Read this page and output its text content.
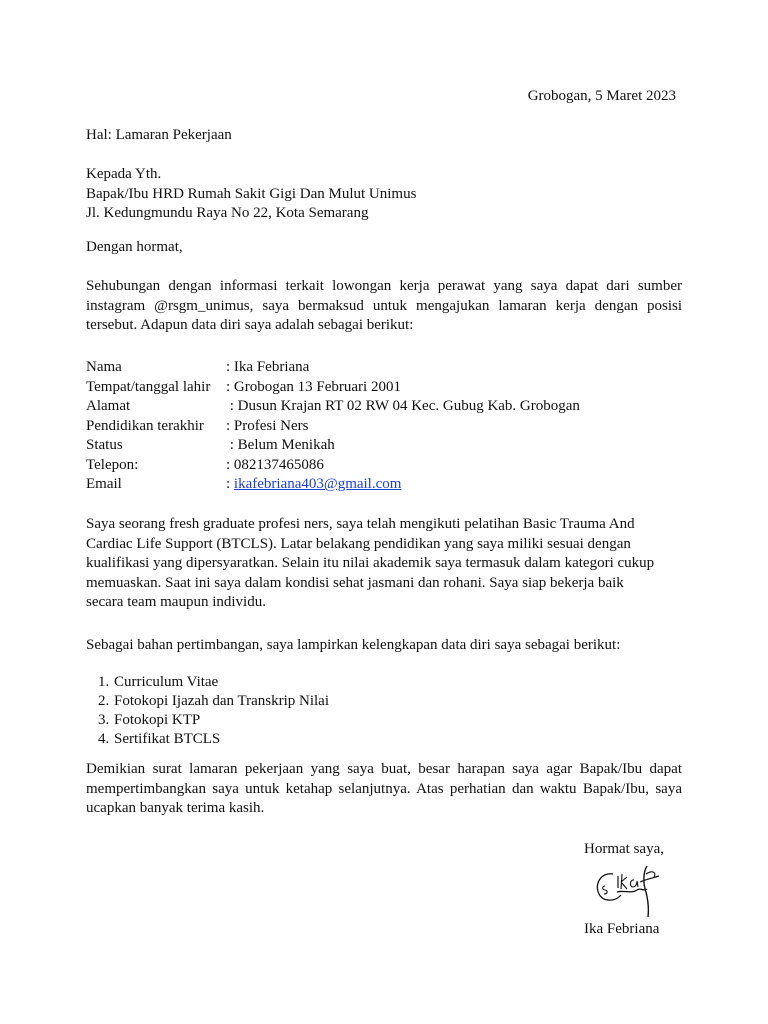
Grobogan, 5 Maret 2023
Hal: Lamaran Pekerjaan
Kepada Yth.
Bapak/Ibu HRD Rumah Sakit Gigi Dan Mulut Unimus
Jl. Kedungmundu Raya No 22, Kota Semarang
Dengan hormat,
Sehubungan dengan informasi terkait lowongan kerja perawat yang saya dapat dari sumber
instagram @rsgm_unimus, saya bermaksud untuk mengajukan lamaran kerja dengan posisi
tersebut. Adapun data diri saya adalah sebagai berikut:
Nama	: Ika Febriana
Tempat/tanggal lahir	: Grobogan 13 Februari 2001
Alamat	: Dusun Krajan RT 02 RW 04 Kec. Gubug Kab. Grobogan
Pendidikan terakhir	: Profesi Ners
Status	: Belum Menikah
Telepon:	: 082137465086
Email	: ikafebriana403@gmail.com
Saya seorang fresh graduate profesi ners, saya telah mengikuti pelatihan Basic Trauma And
Cardiac Life Support (BTCLS). Latar belakang pendidikan yang saya miliki sesuai dengan
kualifikasi yang dipersyaratkan. Selain itu nilai akademik saya termasuk dalam kategori cukup
memuaskan. Saat ini saya dalam kondisi sehat jasmani dan rohani. Saya siap bekerja baik
secara team maupun individu.
Sebagai bahan pertimbangan, saya lampirkan kelengkapan data diri saya sebagai berikut:
1. Curriculum Vitae
2. Fotokopi Ijazah dan Transkrip Nilai
3. Fotokopi KTP
4. Sertifikat BTCLS
Demikian surat lamaran pekerjaan yang saya buat, besar harapan saya agar Bapak/Ibu dapat
mempertimbangkan saya untuk ketahap selanjutnya. Atas perhatian dan waktu Bapak/Ibu, saya
ucapkan banyak terima kasih.
Hormat saya,
Ika Febriana
